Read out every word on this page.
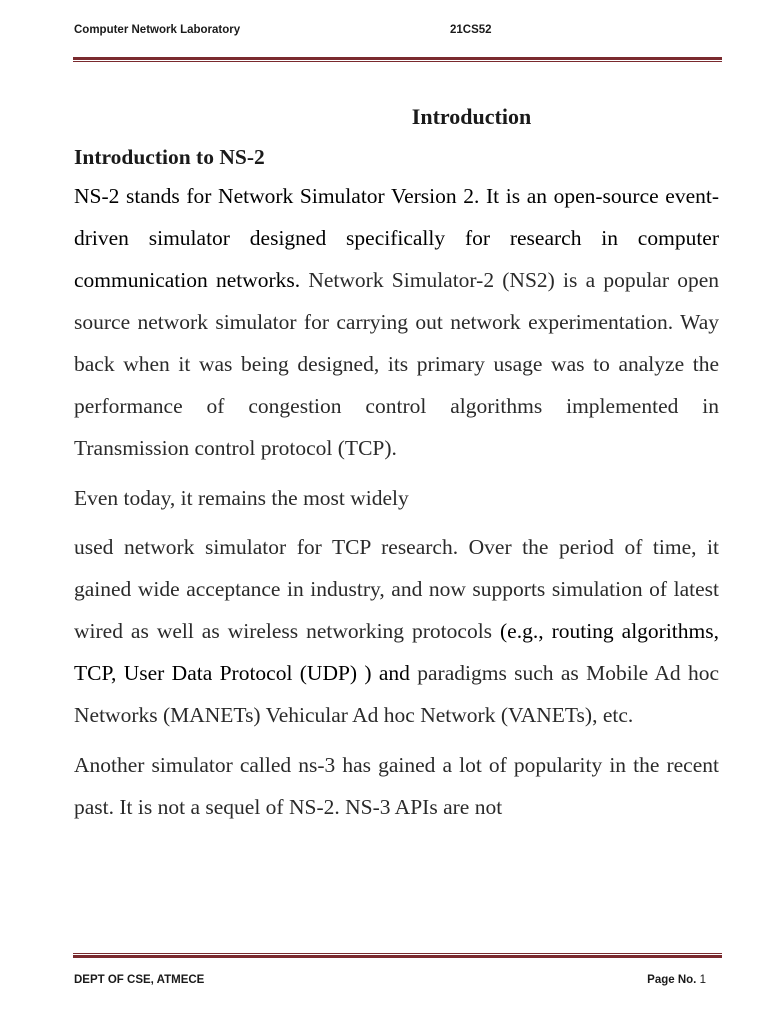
Computer Network Laboratory	21CS52
Introduction
Introduction to NS-2

NS-2 stands for Network Simulator Version 2. It is an open-source event-driven simulator designed specifically for research in computer communication networks. Network Simulator-2 (NS2) is a popular open source network simulator for carrying out network experimentation. Way back when it was being designed, its primary usage was to analyze the performance of congestion control algorithms implemented in Transmission control protocol (TCP).

Even today, it remains the most widely

used network simulator for TCP research. Over the period of time, it gained wide acceptance in industry, and now supports simulation of latest wired as well as wireless networking protocols (e.g., routing algorithms, TCP, User Data Protocol (UDP) ) and paradigms such as Mobile Ad hoc Networks (MANETs) Vehicular Ad hoc Network (VANETs), etc.

Another simulator called ns-3 has gained a lot of popularity in the recent past. It is not a sequel of NS-2. NS-3 APIs are not

DEPT OF CSE, ATMECE	Page No. 1
